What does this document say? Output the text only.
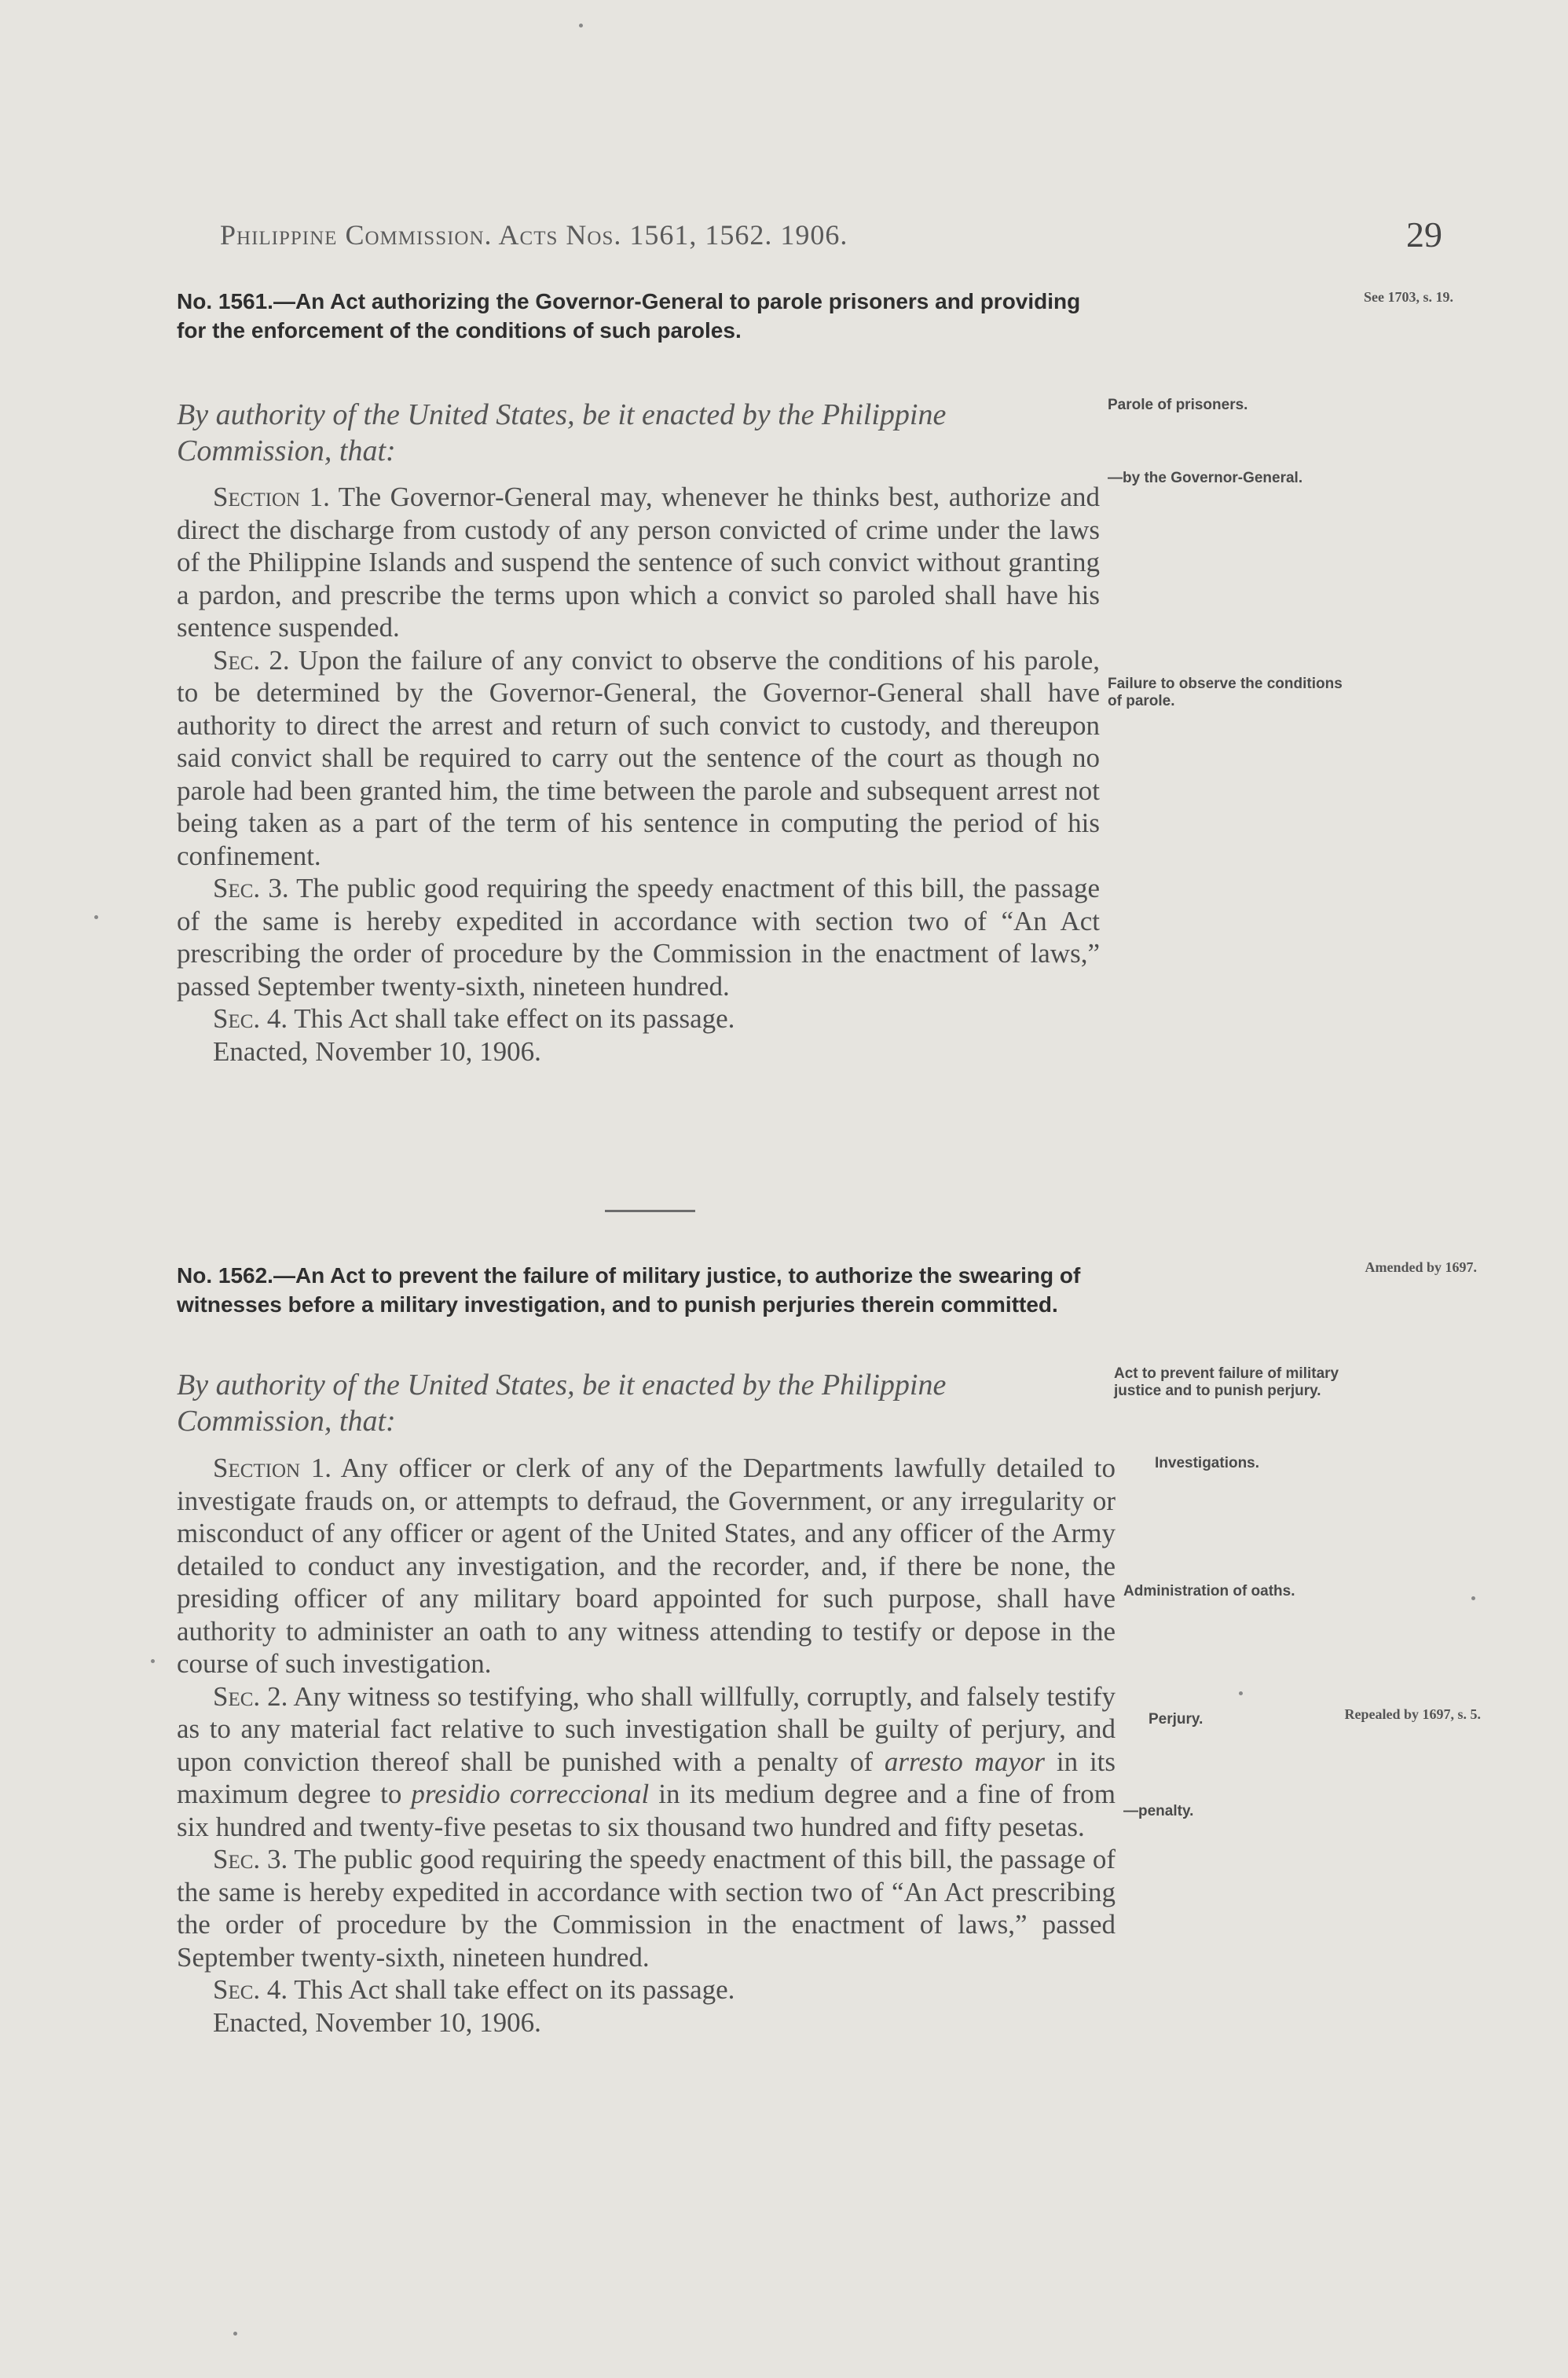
Philippine Commission. Acts Nos. 1561, 1562. 1906.	29
No. 1561.—An Act authorizing the Governor-General to parole prisoners and providing for the enforcement of the conditions of such paroles.
See 1703, s. 19.
By authority of the United States, be it enacted by the Philippine Commission, that:

Section 1. The Governor-General may, whenever he thinks best, authorize and direct the discharge from custody of any person convicted of crime under the laws of the Philippine Islands and suspend the sentence of such convict without granting a pardon, and prescribe the terms upon which a convict so paroled shall have his sentence suspended.

Sec. 2. Upon the failure of any convict to observe the conditions of his parole, to be determined by the Governor-General, the Governor-General shall have authority to direct the arrest and return of such convict to custody, and thereupon said convict shall be required to carry out the sentence of the court as though no parole had been granted him, the time between the parole and subsequent arrest not being taken as a part of the term of his sentence in computing the period of his confinement.

Sec. 3. The public good requiring the speedy enactment of this bill, the passage of the same is hereby expedited in accordance with section two of “An Act prescribing the order of procedure by the Commission in the enactment of laws,” passed September twenty-sixth, nineteen hundred.

Sec. 4. This Act shall take effect on its passage.

Enacted, November 10, 1906.

Parole of prisoners.
—by the Governor-General.
Failure to observe the conditions of parole.
No. 1562.—An Act to prevent the failure of military justice, to authorize the swearing of witnesses before a military investigation, and to punish perjuries therein committed.
Amended by 1697.
By authority of the United States, be it enacted by the Philippine Commission, that:

Section 1. Any officer or clerk of any of the Departments lawfully detailed to investigate frauds on, or attempts to defraud, the Government, or any irregularity or misconduct of any officer or agent of the United States, and any officer of the Army detailed to conduct any investigation, and the recorder, and, if there be none, the presiding officer of any military board appointed for such purpose, shall have authority to administer an oath to any witness attending to testify or depose in the course of such investigation.

Sec. 2. Any witness so testifying, who shall willfully, corruptly, and falsely testify as to any material fact relative to such investigation shall be guilty of perjury, and upon conviction thereof shall be punished with a penalty of arresto mayor in its maximum degree to presidio correccional in its medium degree and a fine of from six hundred and twenty-five pesetas to six thousand two hundred and fifty pesetas.

Sec. 3. The public good requiring the speedy enactment of this bill, the passage of the same is hereby expedited in accordance with section two of “An Act prescribing the order of procedure by the Commission in the enactment of laws,” passed September twenty-sixth, nineteen hundred.

Sec. 4. This Act shall take effect on its passage.

Enacted, November 10, 1906.

Act to prevent failure of military justice and to punish perjury.
Investigations.
Administration of oaths.
Perjury.
—penalty.
Repealed by 1697, s. 5.
